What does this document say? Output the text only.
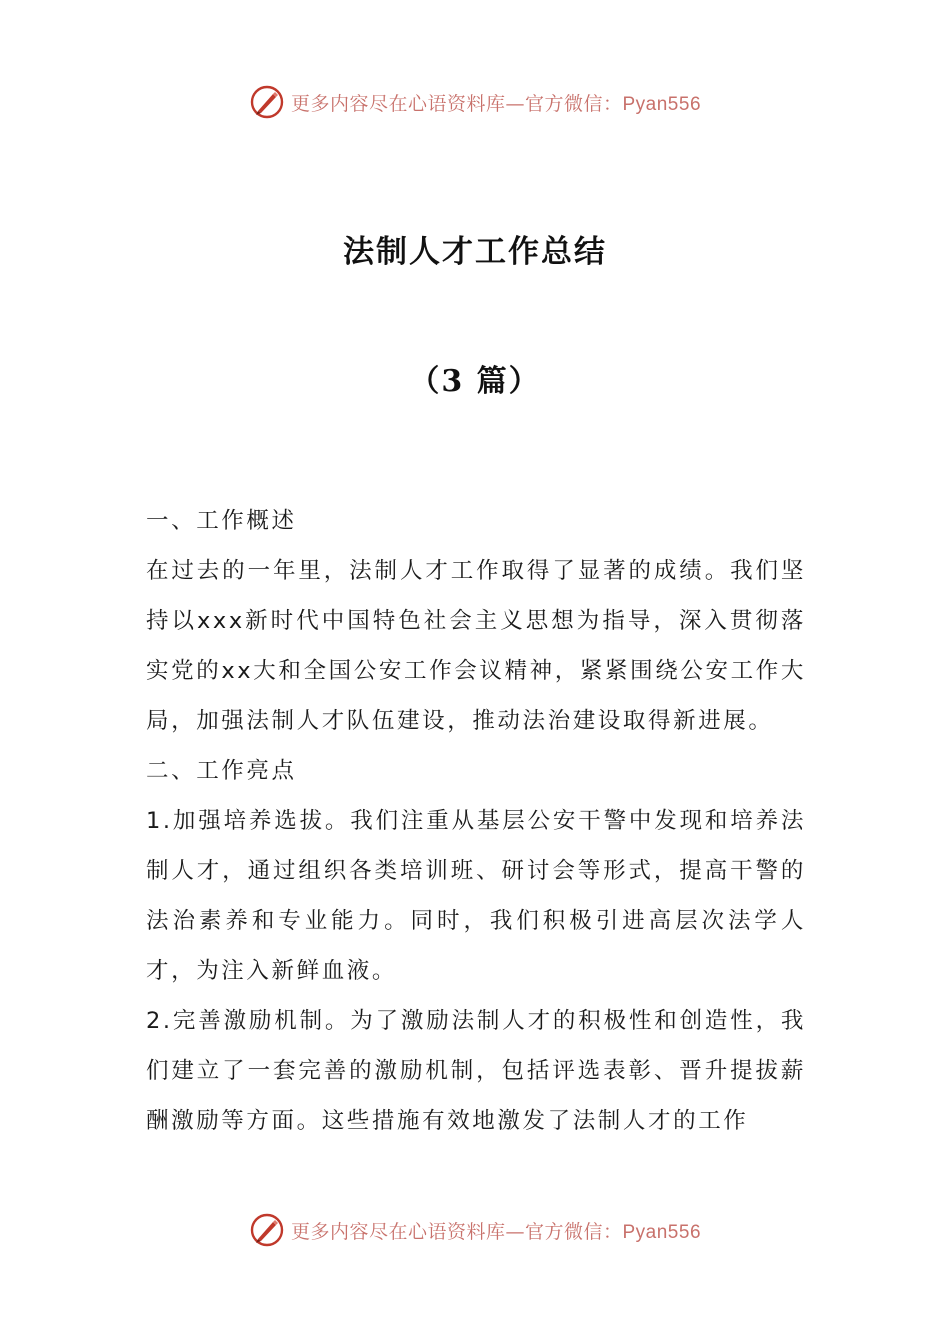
更多内容尽在心语资料库—官方微信：Pyan556
法制人才工作总结
（3 篇）

一、工作概述

在过去的一年里，法制人才工作取得了显著的成绩。我们坚持以xxx新时代中国特色社会主义思想为指导，深入贯彻落实党的xx大和全国公安工作会议精神，紧紧围绕公安工作大局，加强法制人才队伍建设，推动法治建设取得新进展。

二、工作亮点

1.加强培养选拔。我们注重从基层公安干警中发现和培养法制人才，通过组织各类培训班、研讨会等形式，提高干警的法治素养和专业能力。同时，我们积极引进高层次法学人才，为注入新鲜血液。

2.完善激励机制。为了激励法制人才的积极性和创造性，我们建立了一套完善的激励机制，包括评选表彰、晋升提拔薪酬激励等方面。这些措施有效地激发了法制人才的工作

更多内容尽在心语资料库—官方微信：Pyan556
